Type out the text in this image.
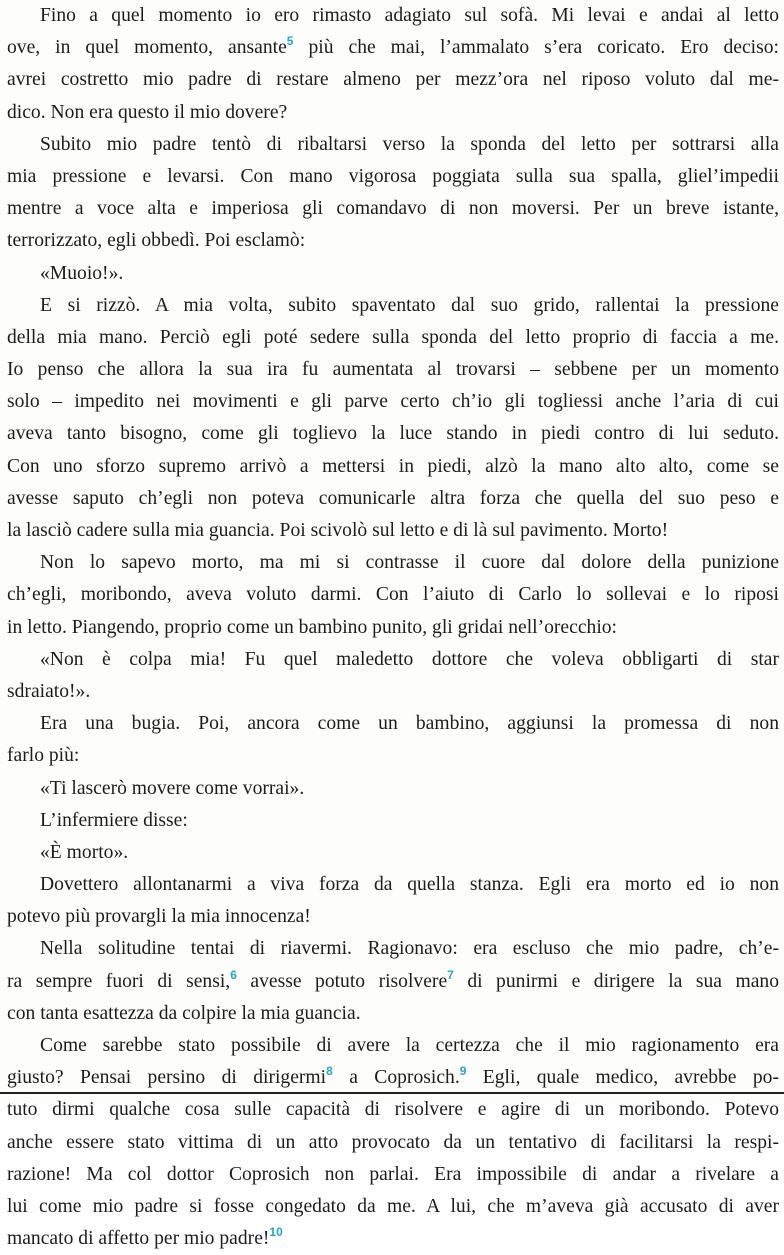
Fino a quel momento io ero rimasto adagiato sul sofà. Mi levai e andai al letto
ove, in quel momento, ansante$^5$ più che mai, l’ammalato s’era coricato. Ero deciso:
avrei costretto mio padre di restare almeno per mezz’ora nel riposo voluto dal me-
dico. Non era questo il mio dovere?
Subito mio padre tentò di ribaltarsi verso la sponda del letto per sottrarsi alla
mia pressione e levarsi. Con mano vigorosa poggiata sulla sua spalla, gliel’impedii
mentre a voce alta e imperiosa gli comandavo di non moversi. Per un breve istante,
terrorizzato, egli obbedì. Poi esclamò:
«Muoio!».
E si rizzò. A mia volta, subito spaventato dal suo grido, rallentai la pressione
della mia mano. Perciò egli poté sedere sulla sponda del letto proprio di faccia a me.
Io penso che allora la sua ira fu aumentata al trovarsi – sebbene per un momento
solo – impedito nei movimenti e gli parve certo ch’io gli togliessi anche l’aria di cui
aveva tanto bisogno, come gli toglievo la luce stando in piedi contro di lui seduto.
Con uno sforzo supremo arrivò a mettersi in piedi, alzò la mano alto alto, come se
avesse saputo ch’egli non poteva comunicarle altra forza che quella del suo peso e
la lasciò cadere sulla mia guancia. Poi scivolò sul letto e di là sul pavimento. Morto!
Non lo sapevo morto, ma mi si contrasse il cuore dal dolore della punizione
ch’egli, moribondo, aveva voluto darmi. Con l’aiuto di Carlo lo sollevai e lo riposi
in letto. Piangendo, proprio come un bambino punito, gli gridai nell’orecchio:
«Non è colpa mia! Fu quel maledetto dottore che voleva obbligarti di star
sdraiato!».
Era una bugia. Poi, ancora come un bambino, aggiunsi la promessa di non
farlo più:
«Ti lascerò movere come vorrai».
L’infermiere disse:
«È morto».
Dovettero allontanarmi a viva forza da quella stanza. Egli era morto ed io non
potevo più provargli la mia innocenza!
Nella solitudine tentai di riavermi. Ragionavo: era escluso che mio padre, ch’e-
ra sempre fuori di sensi,$^6$ avesse potuto risolvere$^7$ di punirmi e dirigere la sua mano
con tanta esattezza da colpire la mia guancia.
Come sarebbe stato possibile di avere la certezza che il mio ragionamento era
giusto? Pensai persino di dirigermi$^8$ a Coprosich.$^9$ Egli, quale medico, avrebbe po-
tuto dirmi qualche cosa sulle capacità di risolvere e agire di un moribondo. Potevo
anche essere stato vittima di un atto provocato da un tentativo di facilitarsi la respi-
razione! Ma col dottor Coprosich non parlai. Era impossibile di andar a rivelare a
lui come mio padre si fosse congedato da me. A lui, che m’aveva già accusato di aver
mancato di affetto per mio padre!$^{10}$
